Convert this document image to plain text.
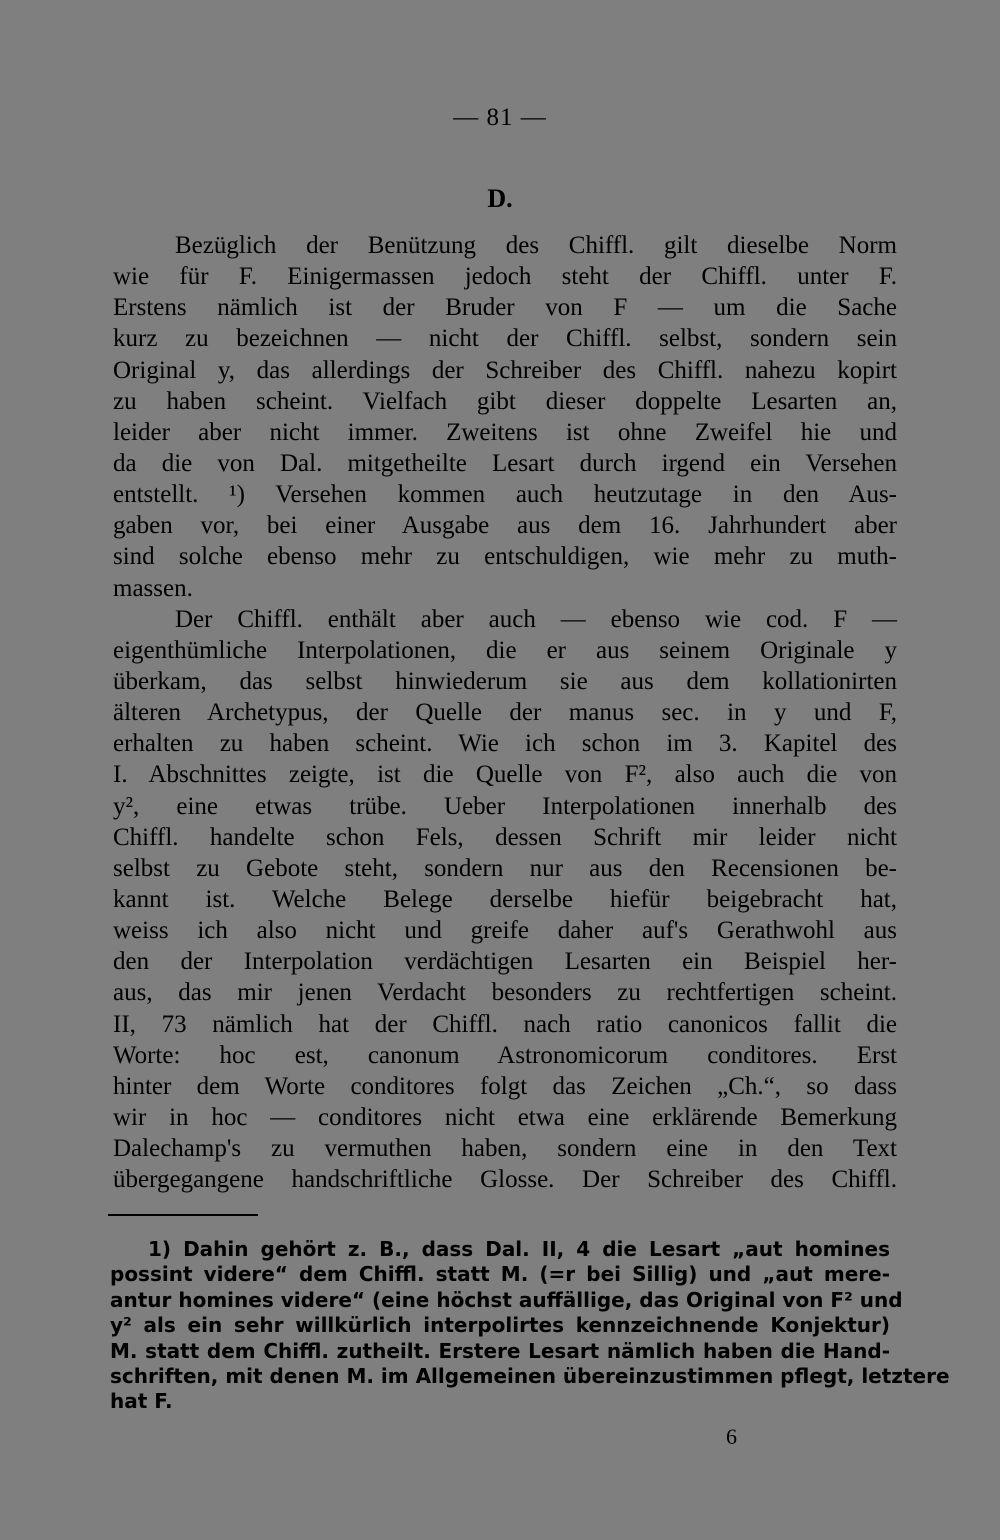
— 81 —
D.
Bezüglich der Benützung des Chiffl. gilt dieselbe Norm
wie für F. Einigermassen jedoch steht der Chiffl. unter F.
Erstens nämlich ist der Bruder von F — um die Sache
kurz zu bezeichnen — nicht der Chiffl. selbst, sondern sein
Original y, das allerdings der Schreiber des Chiffl. nahezu kopirt
zu haben scheint. Vielfach gibt dieser doppelte Lesarten an,
leider aber nicht immer. Zweitens ist ohne Zweifel hie und
da die von Dal. mitgetheilte Lesart durch irgend ein Versehen
entstellt. ¹) Versehen kommen auch heutzutage in den Aus-
gaben vor, bei einer Ausgabe aus dem 16. Jahrhundert aber
sind solche ebenso mehr zu entschuldigen, wie mehr zu muth-
massen.
Der Chiffl. enthält aber auch — ebenso wie cod. F —
eigenthümliche Interpolationen, die er aus seinem Originale y
überkam, das selbst hinwiederum sie aus dem kollationirten
älteren Archetypus, der Quelle der manus sec. in y und F,
erhalten zu haben scheint. Wie ich schon im 3. Kapitel des
I. Abschnittes zeigte, ist die Quelle von F², also auch die von
y², eine etwas trübe. Ueber Interpolationen innerhalb des
Chiffl. handelte schon Fels, dessen Schrift mir leider nicht
selbst zu Gebote steht, sondern nur aus den Recensionen be-
kannt ist. Welche Belege derselbe hiefür beigebracht hat,
weiss ich also nicht und greife daher auf's Gerathwohl aus
den der Interpolation verdächtigen Lesarten ein Beispiel her-
aus, das mir jenen Verdacht besonders zu rechtfertigen scheint.
II, 73 nämlich hat der Chiffl. nach ratio canonicos fallit die
Worte: hoc est, canonum Astronomicorum conditores. Erst
hinter dem Worte conditores folgt das Zeichen „Ch.“, so dass
wir in hoc — conditores nicht etwa eine erklärende Bemerkung
Dalechamp's zu vermuthen haben, sondern eine in den Text
übergegangene handschriftliche Glosse. Der Schreiber des Chiffl.
1) Dahin gehört z. B., dass Dal. II, 4 die Lesart „aut homines
possint videre“ dem Chiffl. statt M. (=r bei Sillig) und „aut mere-
antur homines videre“ (eine höchst auffällige, das Original von F² und
y² als ein sehr willkürlich interpolirtes kennzeichnende Konjektur)
M. statt dem Chiffl. zutheilt. Erstere Lesart nämlich haben die Hand-
schriften, mit denen M. im Allgemeinen übereinzustimmen pflegt, letztere
hat F.
6
